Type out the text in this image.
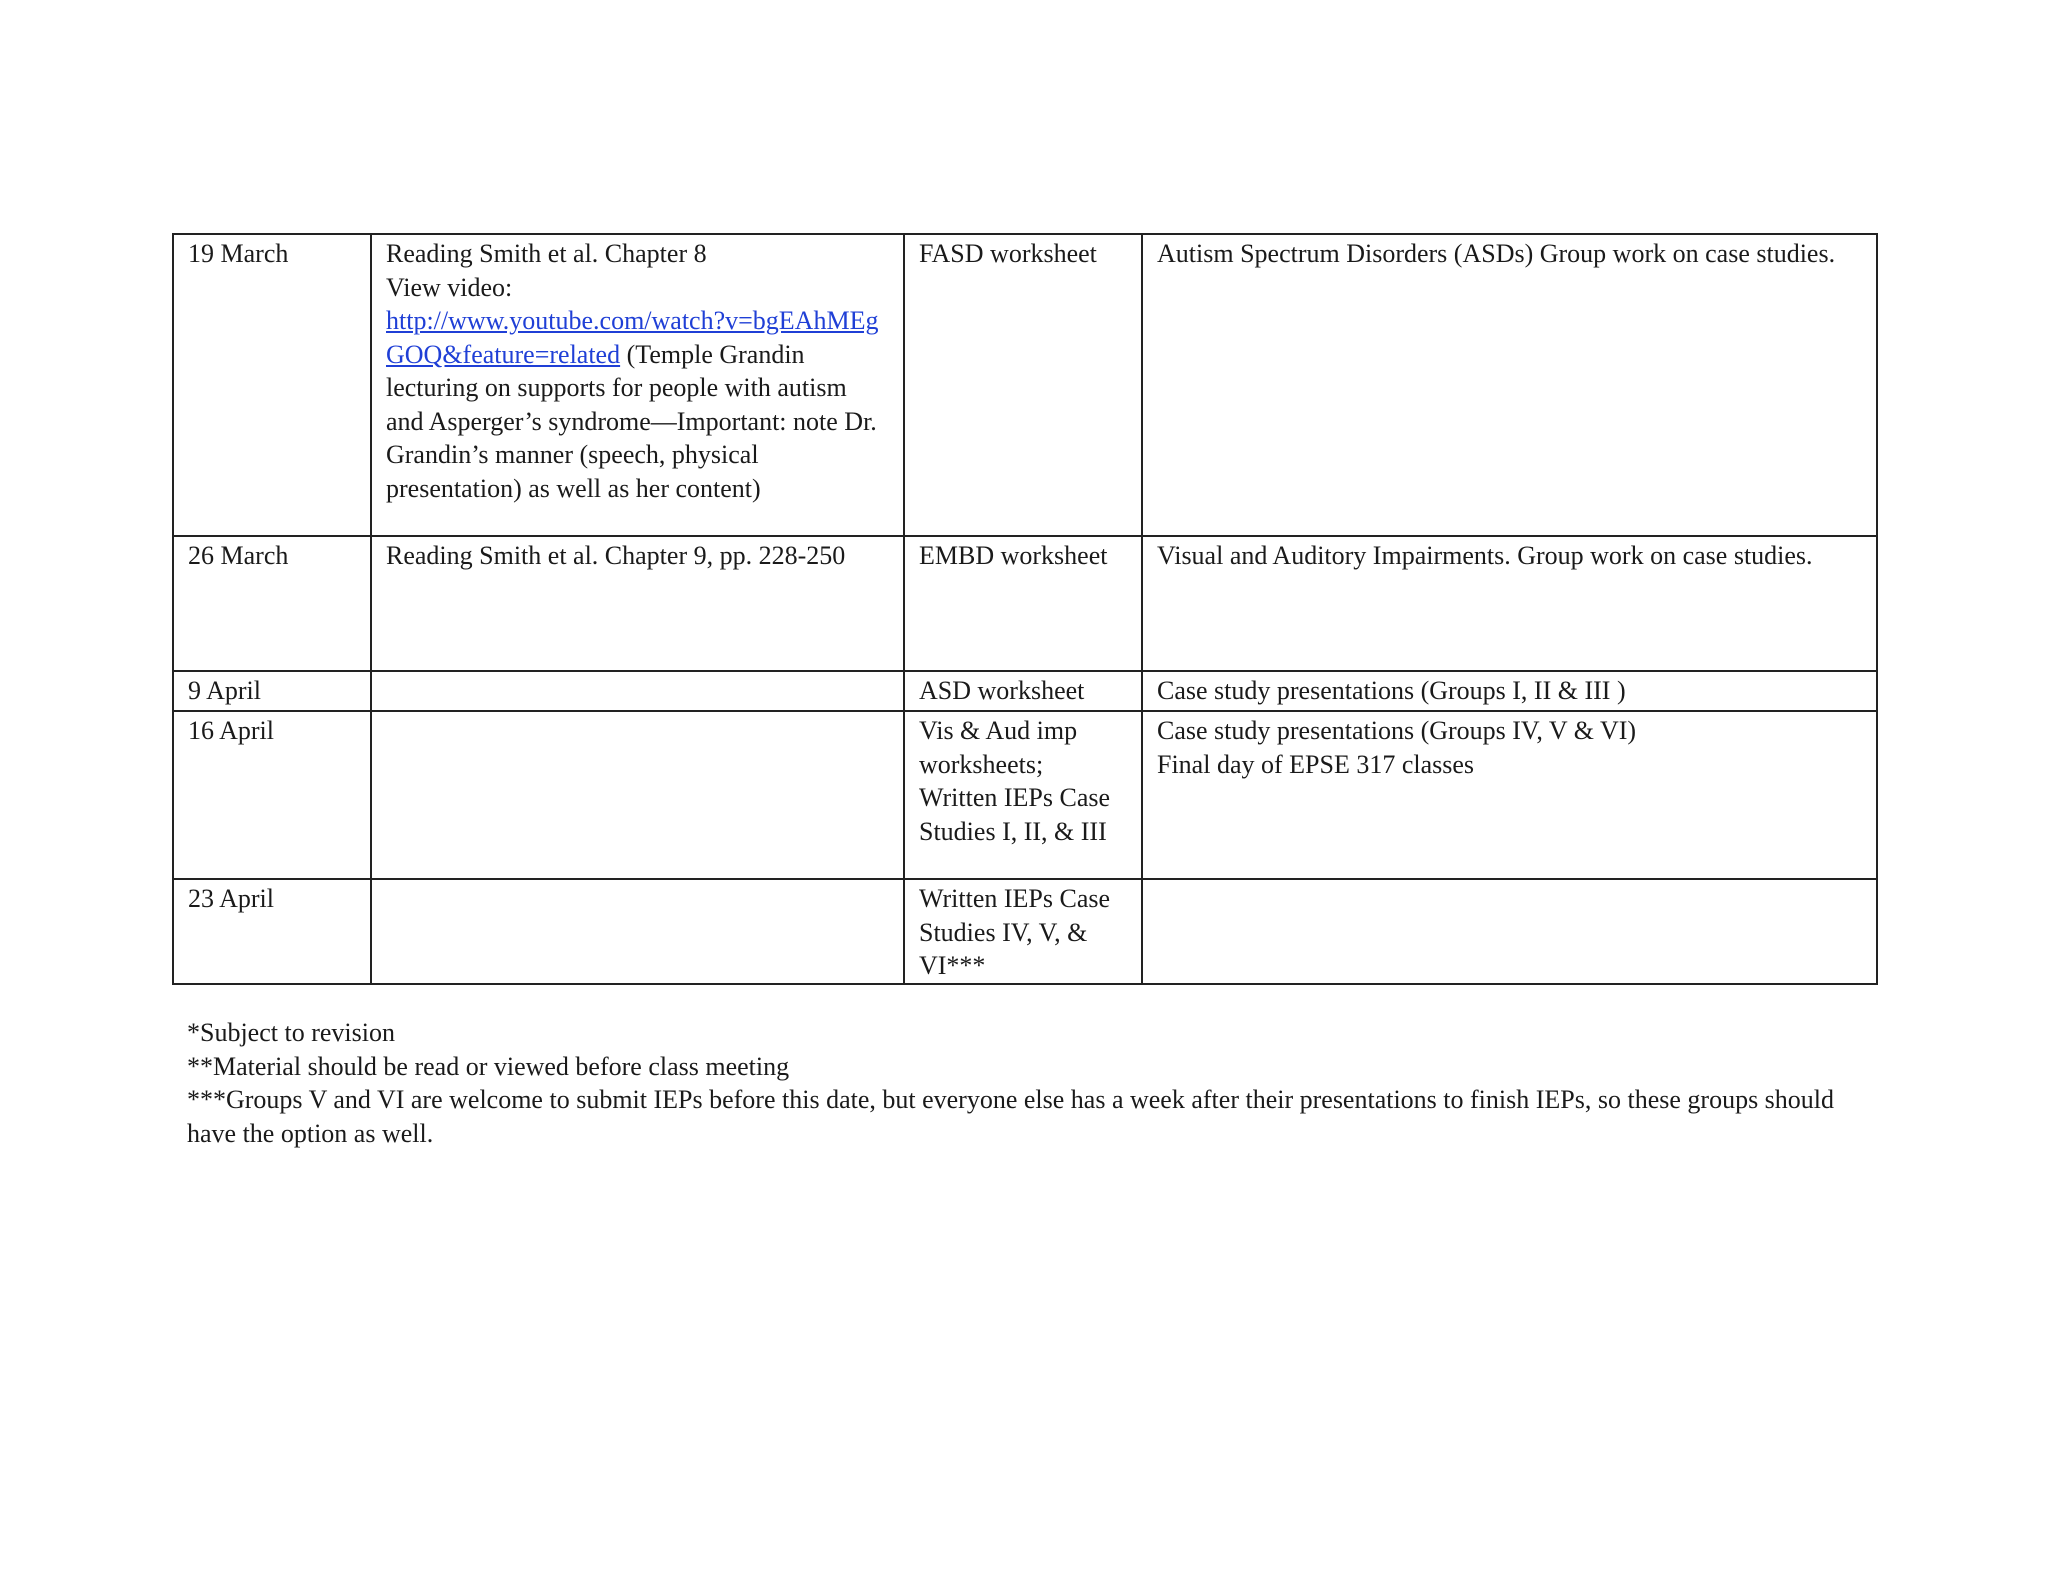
19 March	Reading Smith et al. Chapter 8
View video:
http://www.youtube.com/watch?v=bgEAhMEgGOQ&feature=related (Temple Grandin lecturing on supports for people with autism and Asperger’s syndrome—Important: note Dr. Grandin’s manner (speech, physical presentation) as well as her content)	FASD worksheet	Autism Spectrum Disorders (ASDs) Group work on case studies.

26 March	Reading Smith et al. Chapter 9, pp. 228-250	EMBD worksheet	Visual and Auditory Impairments. Group work on case studies.

9 April		ASD worksheet	Case study presentations (Groups I, II & III )

16 April		Vis & Aud imp worksheets; Written IEPs Case Studies I, II, & III	Case study presentations (Groups IV, V & VI)
Final day of EPSE 317 classes

23 April		Written IEPs Case Studies IV, V, & VI***	

*Subject to revision

**Material should be read or viewed before class meeting

***Groups V and VI are welcome to submit IEPs before this date, but everyone else has a week after their presentations to finish IEPs, so these groups should have the option as well.
